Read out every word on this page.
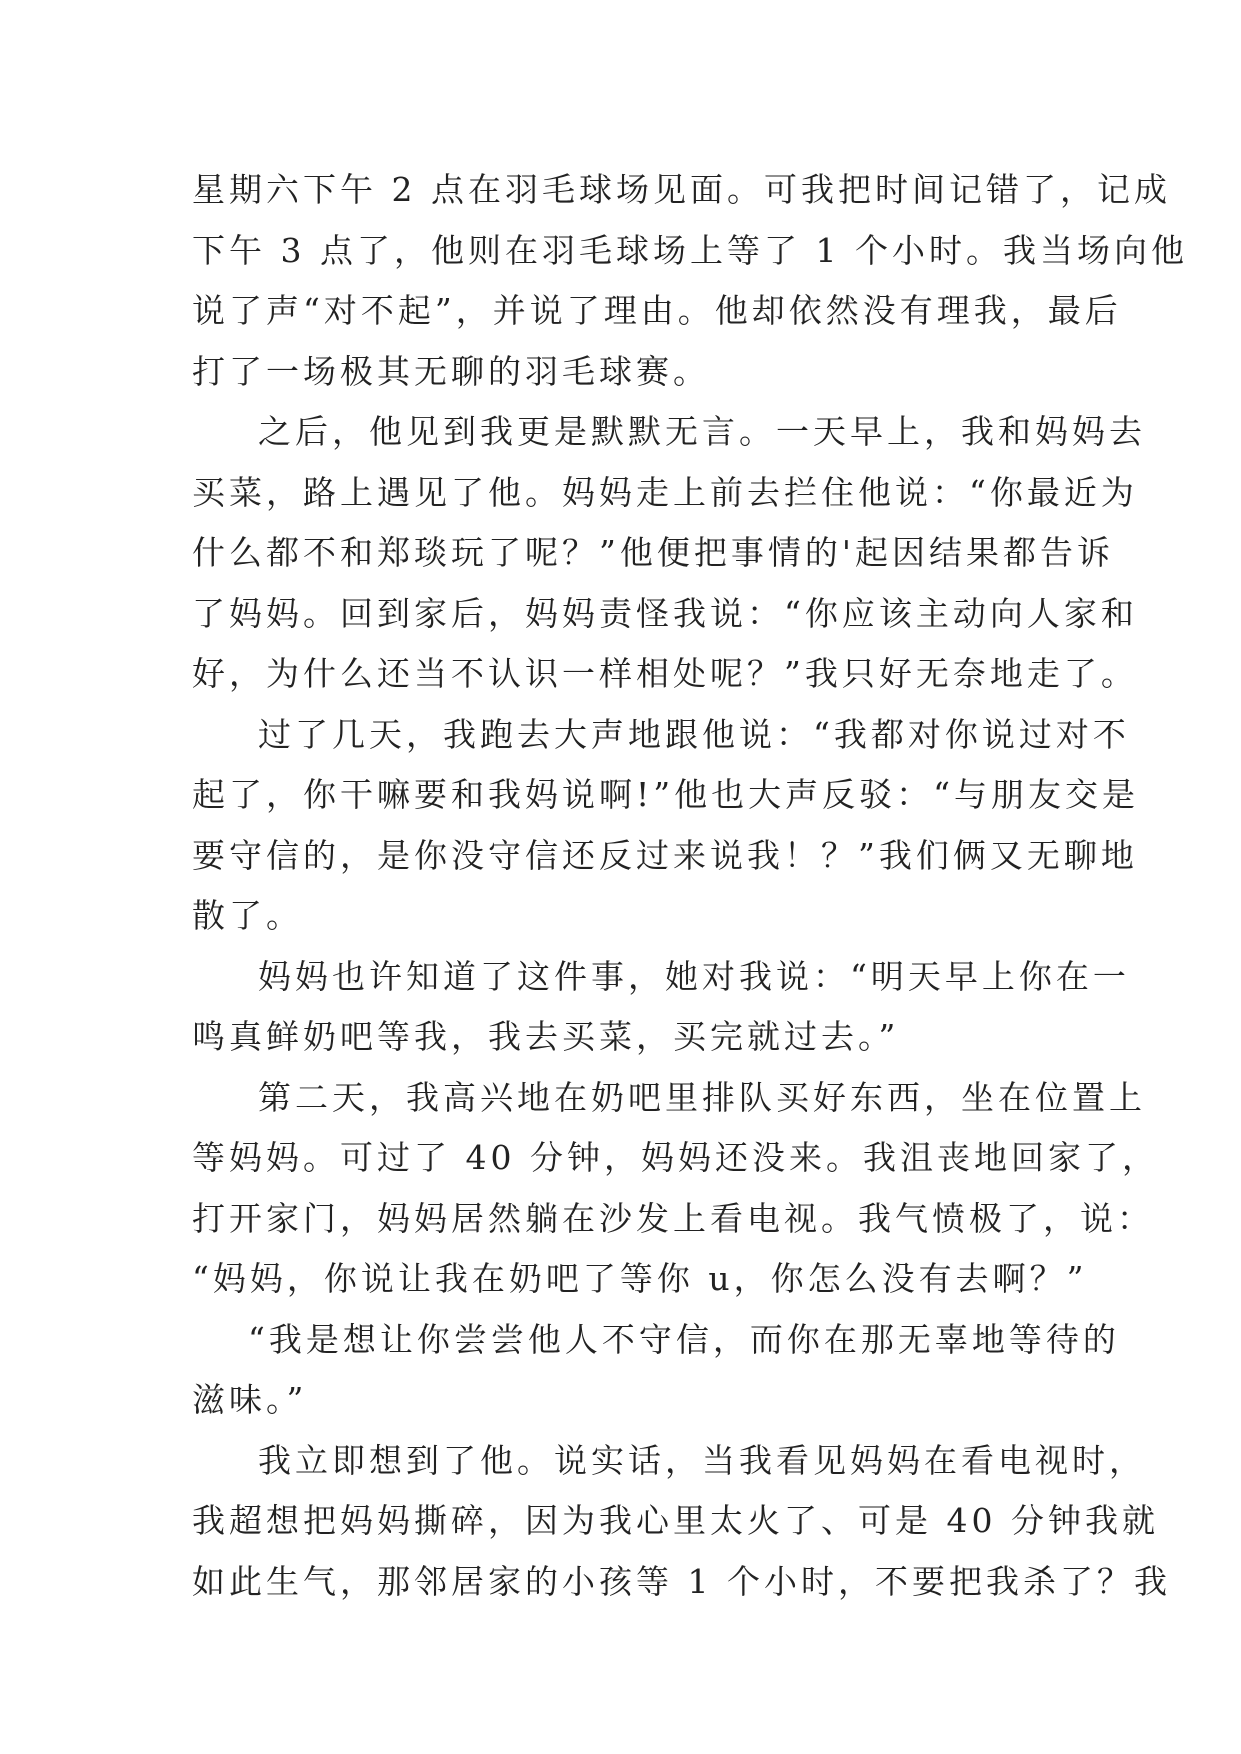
星期六下午 2 点在羽毛球场见面。可我把时间记错了，记成
下午 3 点了，他则在羽毛球场上等了 1 个小时。我当场向他
说了声“对不起”，并说了理由。他却依然没有理我，最后
打了一场极其无聊的羽毛球赛。
之后，他见到我更是默默无言。一天早上，我和妈妈去
买菜，路上遇见了他。妈妈走上前去拦住他说：“你最近为
什么都不和郑琰玩了呢？”他便把事情的'起因结果都告诉
了妈妈。回到家后，妈妈责怪我说：“你应该主动向人家和
好，为什么还当不认识一样相处呢？”我只好无奈地走了。
过了几天，我跑去大声地跟他说：“我都对你说过对不
起了，你干嘛要和我妈说啊!”他也大声反驳：“与朋友交是
要守信的，是你没守信还反过来说我！？”我们俩又无聊地
散了。
妈妈也许知道了这件事，她对我说：“明天早上你在一
鸣真鲜奶吧等我，我去买菜，买完就过去。”
第二天，我高兴地在奶吧里排队买好东西，坐在位置上
等妈妈。可过了 40 分钟，妈妈还没来。我沮丧地回家了，
打开家门，妈妈居然躺在沙发上看电视。我气愤极了，说：
“妈妈，你说让我在奶吧了等你 u，你怎么没有去啊？”
“我是想让你尝尝他人不守信，而你在那无辜地等待的
滋味。”
我立即想到了他。说实话，当我看见妈妈在看电视时，
我超想把妈妈撕碎，因为我心里太火了、可是 40 分钟我就
如此生气，那邻居家的小孩等 1 个小时，不要把我杀了？我
